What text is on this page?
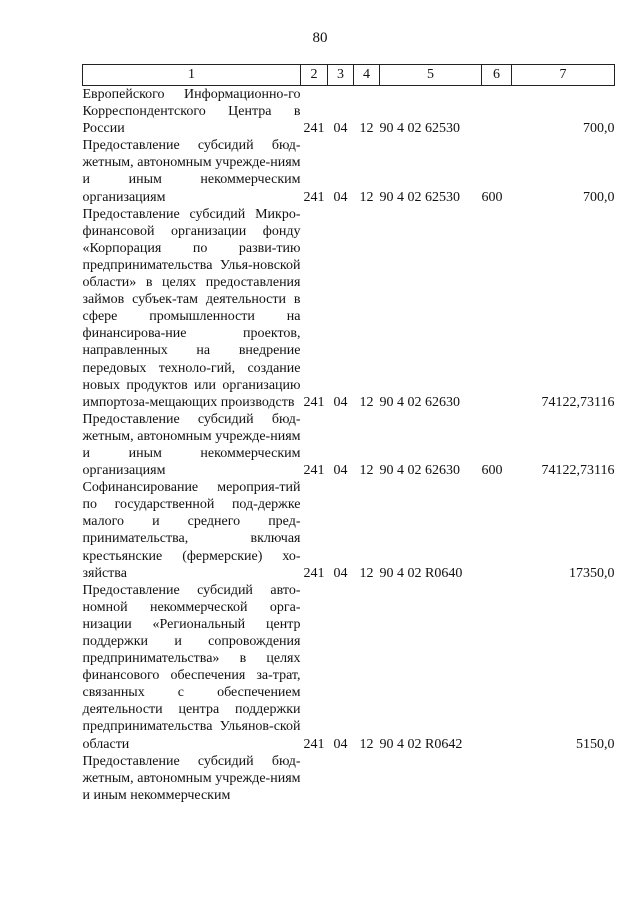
80
1	2	3	4	5	6	7
Европейского Информационно-го Корреспондентского Центра в России	241	04	12	90 4 02 62530		700,0
Предоставление субсидий бюд-жетным, автономным учрежде-ниям и иным некоммерческим организациям	241	04	12	90 4 02 62530	600	700,0
Предоставление субсидий Микро-финансовой организации фонду «Корпорация по разви-тию предпринимательства Улья-новской области» в целях предоставления займов субъек-там деятельности в сфере промышленности на финансирова-ние проектов, направленных на внедрение передовых техноло-гий, создание новых продуктов или организацию импортоза-мещающих производств	241	04	12	90 4 02 62630		74122,73116
Предоставление субсидий бюд-жетным, автономным учрежде-ниям и иным некоммерческим организациям	241	04	12	90 4 02 62630	600	74122,73116
Софинансирование мероприя-тий по государственной под-держке малого и среднего пред-принимательства, включая крестьянские (фермерские) хо-зяйства	241	04	12	90 4 02 R0640		17350,0
Предоставление субсидий авто-номной некоммерческой орга-низации «Региональный центр поддержки и сопровождения предпринимательства» в целях финансового обеспечения за-трат, связанных с обеспечением деятельности центра поддержки предпринимательства Ульянов-ской области	241	04	12	90 4 02 R0642		5150,0
Предоставление субсидий бюд-жетным, автономным учрежде-ниям и иным некоммерческим						
